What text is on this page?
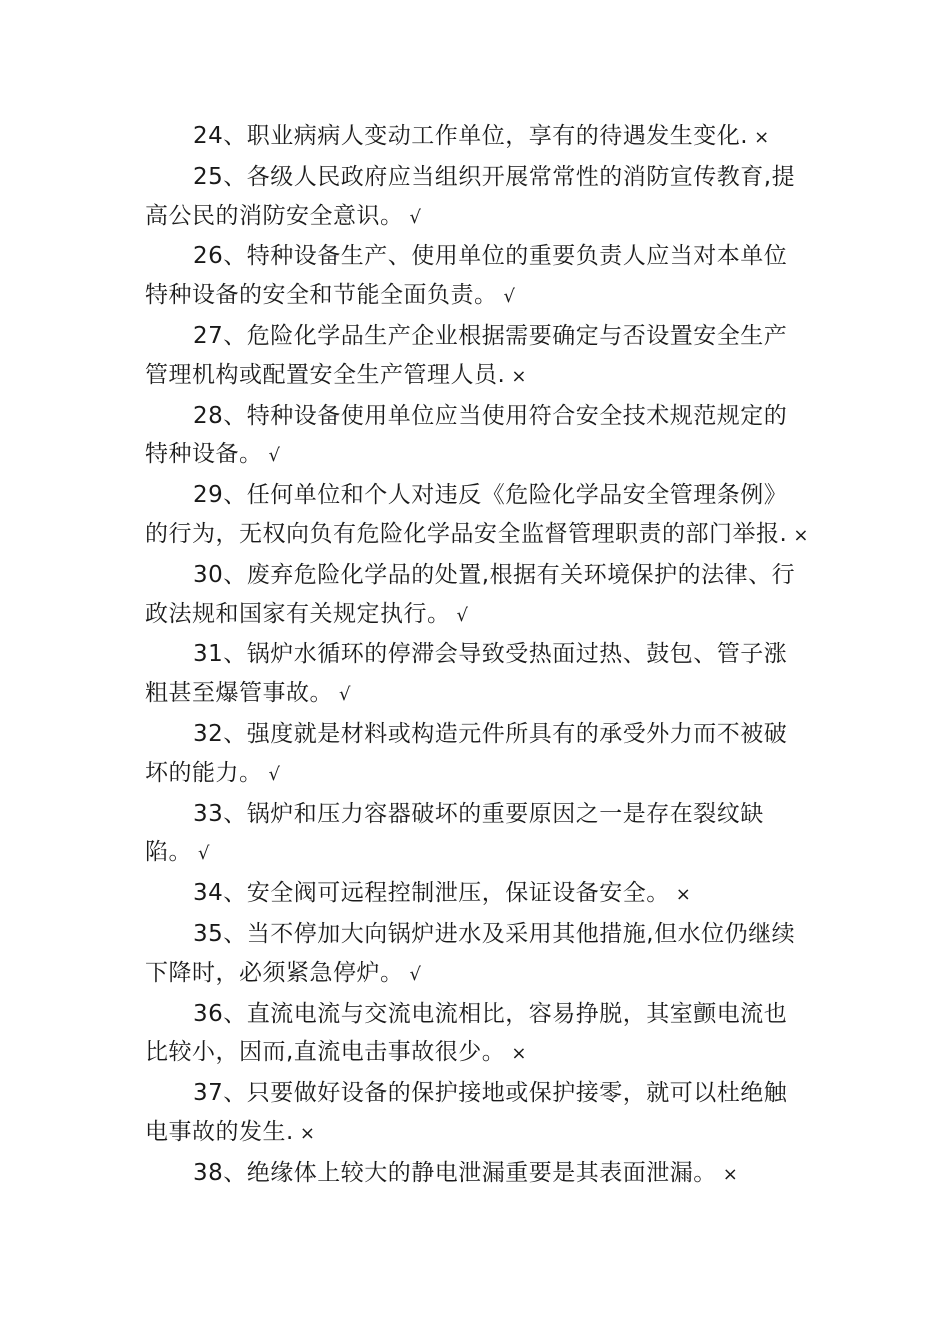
24、职业病病人变动工作单位，享有的待遇发生变化. ×

25、各级人民政府应当组织开展常常性的消防宣传教育,提高公民的消防安全意识。 √

26、特种设备生产、使用单位的重要负责人应当对本单位特种设备的安全和节能全面负责。 √

27、危险化学品生产企业根据需要确定与否设置安全生产管理机构或配置安全生产管理人员. ×

28、特种设备使用单位应当使用符合安全技术规范规定的特种设备。 √

29、任何单位和个人对违反《危险化学品安全管理条例》的行为，无权向负有危险化学品安全监督管理职责的部门举报. ×

30、废弃危险化学品的处置,根据有关环境保护的法律、行政法规和国家有关规定执行。 √

31、锅炉水循环的停滞会导致受热面过热、鼓包、管子涨粗甚至爆管事故。 √

32、强度就是材料或构造元件所具有的承受外力而不被破坏的能力。 √

33、锅炉和压力容器破坏的重要原因之一是存在裂纹缺陷。 √

34、安全阀可远程控制泄压，保证设备安全。 ×

35、当不停加大向锅炉进水及采用其他措施,但水位仍继续下降时，必须紧急停炉。 √

36、直流电流与交流电流相比，容易挣脱，其室颤电流也比较小，因而,直流电击事故很少。 ×

37、只要做好设备的保护接地或保护接零，就可以杜绝触电事故的发生. ×

38、绝缘体上较大的静电泄漏重要是其表面泄漏。 ×
